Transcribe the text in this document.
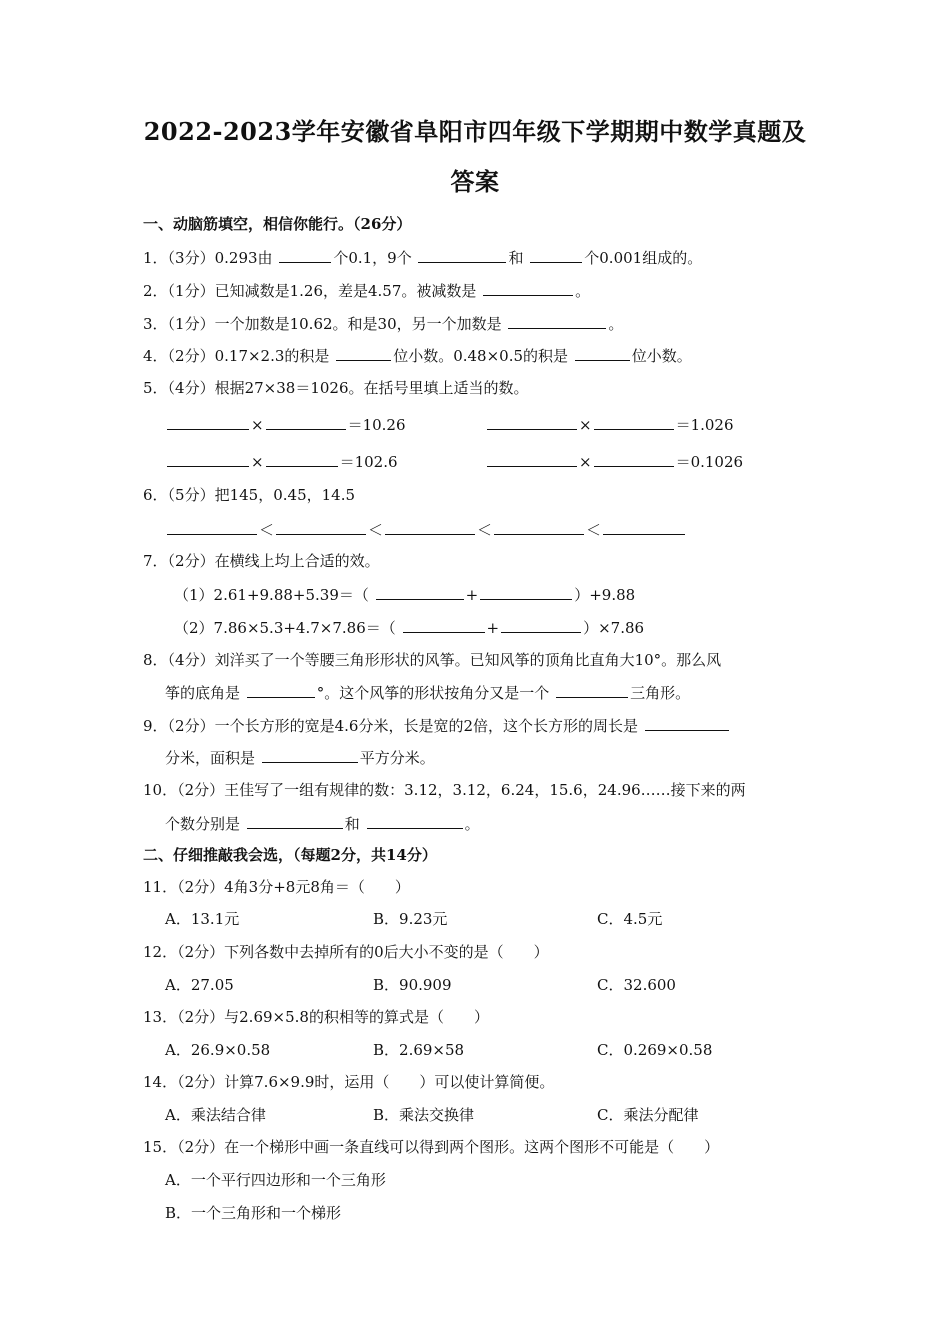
2022-2023学年安徽省阜阳市四年级下学期期中数学真题及
答案
一、动脑筋填空，相信你能行。（26分）
1．（3分）0.293由	个0.1，9个	和	个0.001组成的。
2．（1分）已知减数是1.26，差是4.57。被减数是	。
3．（1分）一个加数是10.62。和是30，另一个加数是	。
4．（2分）0.17×2.3的积是	位小数。0.48×0.5的积是	位小数。
5．（4分）根据27×38＝1026。在括号里填上适当的数。
×	＝10.26	×	＝1.026
×	＝102.6	×	＝0.1026
6．（5分）把145，0.45，14.5
＜	＜	＜	＜
7．（2分）在横线上均上合适的效。
（1）2.61+9.88+5.39＝（	+	）+9.88
（2）7.86×5.3+4.7×7.86＝（	+	）×7.86
8．（4分）刘洋买了一个等腰三角形形状的风筝。已知风筝的顶角比直角大10°。那么风
筝的底角是	°。这个风筝的形状按角分又是一个	三角形。
9．（2分）一个长方形的宽是4.6分米，长是宽的2倍，这个长方形的周长是
分米，面积是	平方分米。
10．（2分）王佳写了一组有规律的数：3.12，3.12，6.24，15.6，24.96……接下来的两
个数分别是	和	。
二、仔细推敲我会选，（每题2分，共14分）
11．（2分）4角3分+8元8角＝（　　）
A．13.1元	B．9.23元	C．4.5元
12．（2分）下列各数中去掉所有的0后大小不变的是（　　）
A．27.05	B．90.909	C．32.600
13．（2分）与2.69×5.8的积相等的算式是（　　）
A．26.9×0.58	B．2.69×58	C．0.269×0.58
14．（2分）计算7.6×9.9时，运用（　　）可以使计算简便。
A．乘法结合律	B．乘法交换律	C．乘法分配律
15．（2分）在一个梯形中画一条直线可以得到两个图形。这两个图形不可能是（　　）
A．一个平行四边形和一个三角形
B．一个三角形和一个梯形
